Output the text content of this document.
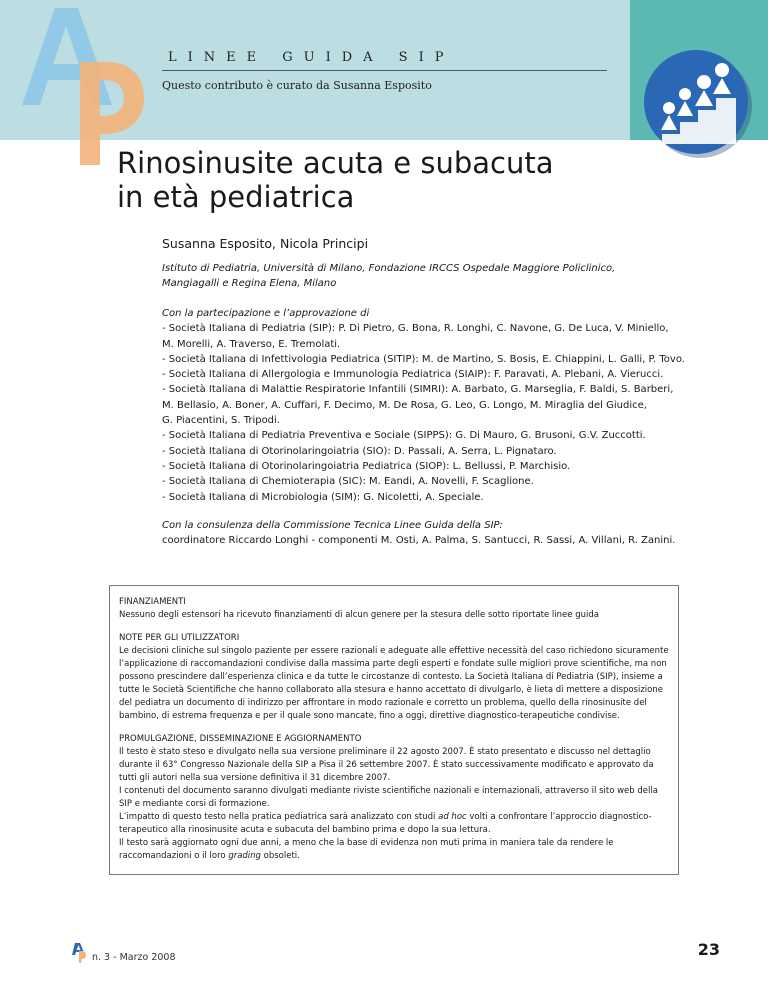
LINEE GUIDA SIP
Questo contributo è curato da Susanna Esposito
Rinosinusite acuta e subacuta
in età pediatrica
Susanna Esposito, Nicola Principi
Istituto di Pediatria, Università di Milano, Fondazione IRCCS Ospedale Maggiore Policlinico, Mangiagalli e Regina Elena, Milano
Con la partecipazione e l’approvazione di
- Società Italiana di Pediatria (SIP): P. Di Pietro, G. Bona, R. Longhi, C. Navone, G. De Luca, V. Miniello,
M. Morelli, A. Traverso, E. Tremolati.
- Società Italiana di Infettivologia Pediatrica (SITIP): M. de Martino, S. Bosis, E. Chiappini, L. Galli, P. Tovo.
- Società Italiana di Allergologia e Immunologia Pediatrica (SIAIP): F. Paravati, A. Plebani, A. Vierucci.
- Società Italiana di Malattie Respiratorie Infantili (SIMRI): A. Barbato, G. Marseglia, F. Baldi, S. Barberi,
M. Bellasio, A. Boner, A. Cuffari, F. Decimo, M. De Rosa, G. Leo, G. Longo, M. Miraglia del Giudice,
G. Piacentini, S. Tripodi.
- Società Italiana di Pediatria Preventiva e Sociale (SIPPS): G. Di Mauro, G. Brusoni, G.V. Zuccotti.
- Società Italiana di Otorinolaringoiatria (SIO): D. Passali, A. Serra, L. Pignataro.
- Società Italiana di Otorinolaringoiatria Pediatrica (SIOP): L. Bellussi, P. Marchisio.
- Società Italiana di Chemioterapia (SIC): M. Eandi, A. Novelli, F. Scaglione.
- Società Italiana di Microbiologia (SIM): G. Nicoletti, A. Speciale.
Con la consulenza della Commissione Tecnica Linee Guida della SIP:
coordinatore Riccardo Longhi - componenti M. Osti, A. Palma, S. Santucci, R. Sassi, A. Villani, R. Zanini.
FINANZIAMENTI

Nessuno degli estensori ha ricevuto finanziamenti di alcun genere per la stesura delle sotto riportate linee guida

NOTE PER GLI UTILIZZATORI

Le decisioni cliniche sul singolo paziente per essere razionali e adeguate alle effettive necessità del caso richiedono sicuramente l’applicazione di raccomandazioni condivise dalla massima parte degli esperti e fondate sulle migliori prove scientifiche, ma non possono prescindere dall’esperienza clinica e da tutte le circostanze di contesto. La Società Italiana di Pediatria (SIP), insieme a tutte le Società Scientifiche che hanno collaborato alla stesura e hanno accettato di divulgarlo, è lieta di mettere a disposizione del pediatra un documento di indirizzo per affrontare in modo razionale e corretto un problema, quello della rinosinusite del bambino, di estrema frequenza e per il quale sono mancate, fino a oggi, direttive diagnostico-terapeutiche condivise.

PROMULGAZIONE, DISSEMINAZIONE E AGGIORNAMENTO

Il testo è stato steso e divulgato nella sua versione preliminare il 22 agosto 2007. È stato presentato e discusso nel dettaglio durante il 63° Congresso Nazionale della SIP a Pisa il 26 settembre 2007. È stato successivamente modificato e approvato da tutti gli autori nella sua versione definitiva il 31 dicembre 2007.

I contenuti del documento saranno divulgati mediante riviste scientifiche nazionali e internazionali, attraverso il sito web della SIP e mediante corsi di formazione.

L’impatto di questo testo nella pratica pediatrica sarà analizzato con studi ad hoc volti a confrontare l’approccio diagnostico-terapeutico alla rinosinusite acuta e subacuta del bambino prima e dopo la sua lettura.

Il testo sarà aggiornato ogni due anni, a meno che la base di evidenza non muti prima in maniera tale da rendere le raccomandazioni o il loro grading obsoleti.

n. 3 - Marzo 2008	23
